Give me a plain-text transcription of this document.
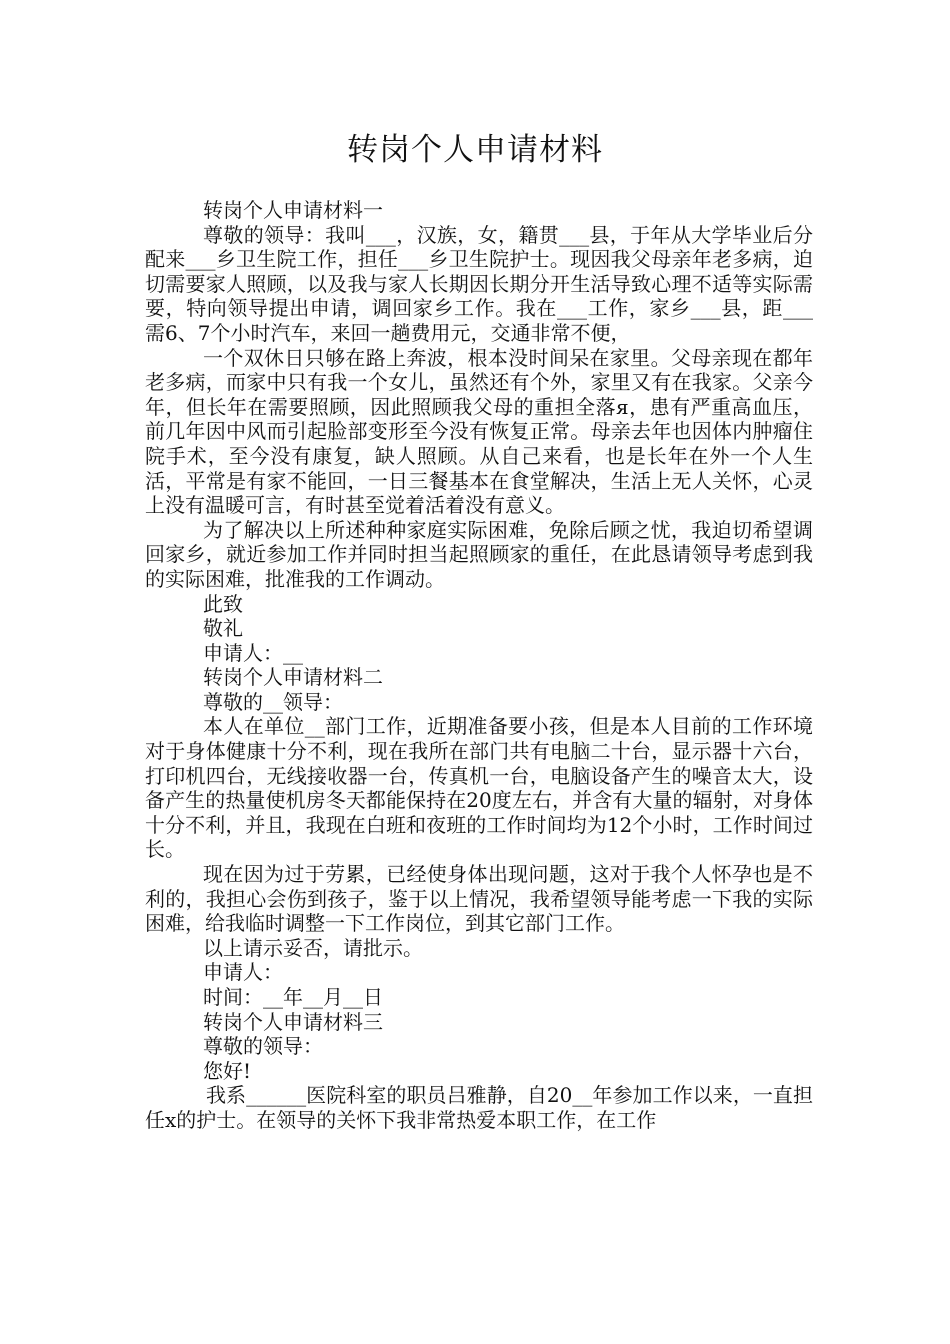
转岗个人申请材料

转岗个人申请材料一

尊敬的领导：我叫___，汉族，女，籍贯___县，于年从大学毕业后分配来___乡卫生院工作，担任___乡卫生院护士。现因我父母亲年老多病，迫切需要家人照顾，以及我与家人长期因长期分开生活导致心理不适等实际需要，特向领导提出申请，调回家乡工作。我在___工作，家乡___县，距___需6、7个小时汽车，来回一趟费用元，交通非常不便，

一个双休日只够在路上奔波，根本没时间呆在家里。父母亲现在都年老多病，而家中只有我一个女儿，虽然还有个外，家里又有在我家。父亲今年，但长年在需要照顾，因此照顾我父母的重担全落я，患有严重高血压，前几年因中风而引起脸部变形至今没有恢复正常。母亲去年也因体内肿瘤住院手术，至今没有康复，缺人照顾。从自己来看，也是长年在外一个人生活，平常是有家不能回，一日三餐基本在食堂解决，生活上无人关怀，心灵上没有温暖可言，有时甚至觉着活着没有意义。

为了解决以上所述种种家庭实际困难，免除后顾之忧，我迫切希望调回家乡，就近参加工作并同时担当起照顾家的重任，在此恳请领导考虑到我的实际困难，批准我的工作调动。

此致

敬礼

申请人：__

转岗个人申请材料二

尊敬的__领导：

本人在单位__部门工作，近期准备要小孩，但是本人目前的工作环境对于身体健康十分不利，现在我所在部门共有电脑二十台，显示器十六台，打印机四台，无线接收器一台，传真机一台，电脑设备产生的噪音太大，设备产生的热量使机房冬天都能保持在20度左右，并含有大量的辐射，对身体十分不利，并且，我现在白班和夜班的工作时间均为12个小时，工作时间过长。

现在因为过于劳累，已经使身体出现问题，这对于我个人怀孕也是不利的，我担心会伤到孩子，鉴于以上情况，我希望领导能考虑一下我的实际困难，给我临时调整一下工作岗位，到其它部门工作。

以上请示妥否，请批示。

申请人：

时间：__年__月__日

转岗个人申请材料三

尊敬的领导：

您好!

我系______医院科室的职员吕雅静，自20__年参加工作以来，一直担任x的护士。在领导的关怀下我非常热爱本职工作，在工作
